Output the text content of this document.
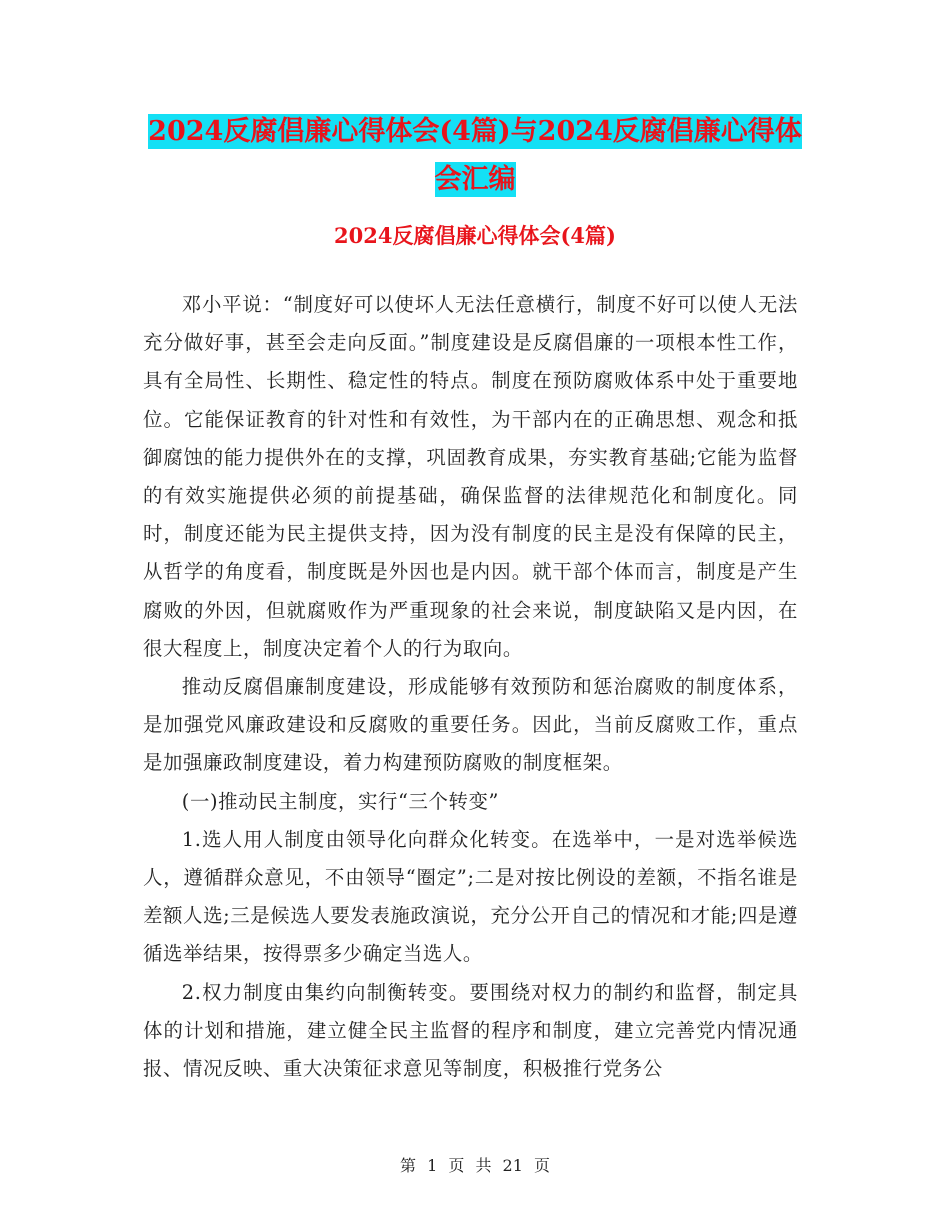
2024反腐倡廉心得体会(4篇)与2024反腐倡廉心得体
会汇编
2024反腐倡廉心得体会(4篇)

邓小平说：“制度好可以使坏人无法任意横行，制度不好可以使人无法充分做好事，甚至会走向反面。”制度建设是反腐倡廉的一项根本性工作，具有全局性、长期性、稳定性的特点。制度在预防腐败体系中处于重要地位。它能保证教育的针对性和有效性，为干部内在的正确思想、观念和抵御腐蚀的能力提供外在的支撑，巩固教育成果，夯实教育基础;它能为监督的有效实施提供必须的前提基础，确保监督的法律规范化和制度化。同时，制度还能为民主提供支持，因为没有制度的民主是没有保障的民主，从哲学的角度看，制度既是外因也是内因。就干部个体而言，制度是产生腐败的外因，但就腐败作为严重现象的社会来说，制度缺陷又是内因，在很大程度上，制度决定着个人的行为取向。

推动反腐倡廉制度建设，形成能够有效预防和惩治腐败的制度体系，是加强党风廉政建设和反腐败的重要任务。因此，当前反腐败工作，重点是加强廉政制度建设，着力构建预防腐败的制度框架。

(一)推动民主制度，实行“三个转变”

1.选人用人制度由领导化向群众化转变。在选举中，一是对选举候选人，遵循群众意见，不由领导“圈定”;二是对按比例设的差额，不指名谁是差额人选;三是候选人要发表施政演说，充分公开自己的情况和才能;四是遵循选举结果，按得票多少确定当选人。

2.权力制度由集约向制衡转变。要围绕对权力的制约和监督，制定具体的计划和措施，建立健全民主监督的程序和制度，建立完善党内情况通报、情况反映、重大决策征求意见等制度，积极推行党务公

第 1 页 共 21 页
